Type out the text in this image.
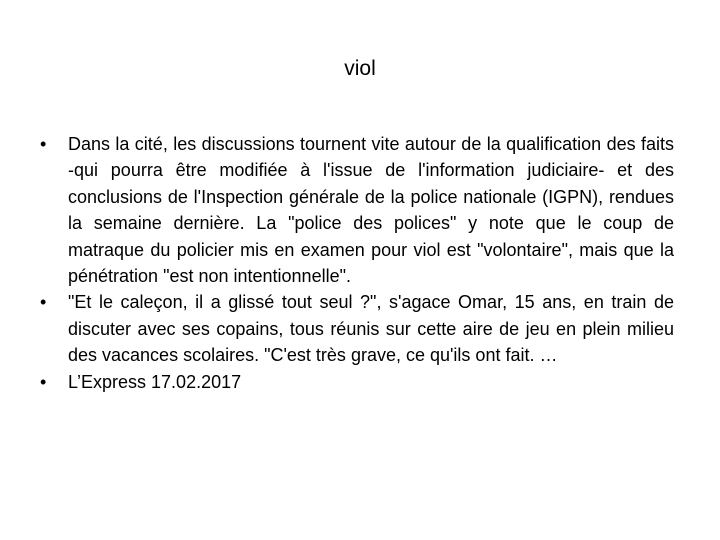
viol
•	Dans la cité, les discussions tournent vite autour de la qualification des faits -qui pourra être modifiée à l'issue de l'information judiciaire- et des conclusions de l'Inspection générale de la police nationale (IGPN), rendues la semaine dernière. La "police des polices" y note que le coup de matraque du policier mis en examen pour viol est "volontaire", mais que la pénétration "est non intentionnelle".
•	"Et le caleçon, il a glissé tout seul ?", s'agace Omar, 15 ans, en train de discuter avec ses copains, tous réunis sur cette aire de jeu en plein milieu des vacances scolaires. "C'est très grave, ce qu'ils ont fait. …
•	L’Express 17.02.2017
